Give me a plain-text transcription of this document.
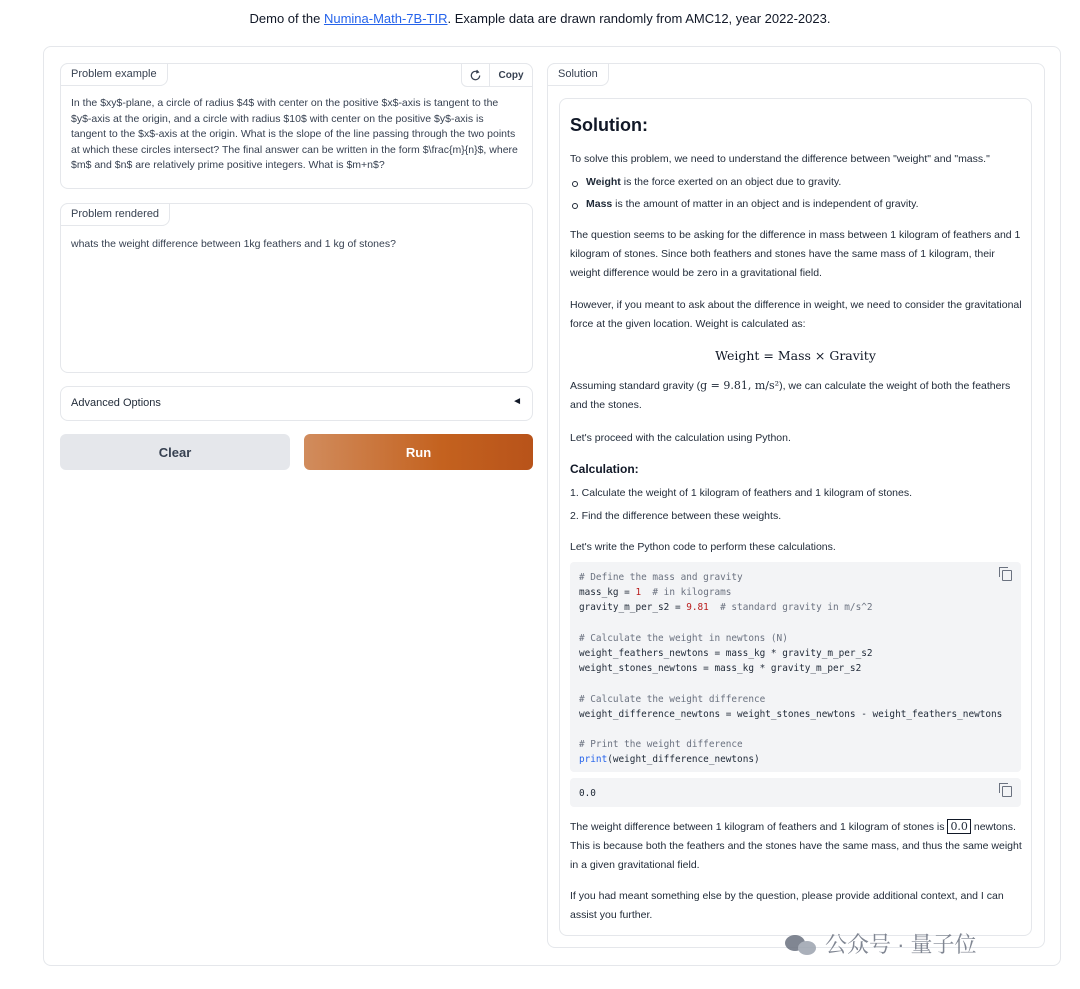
Demo of the Numina-Math-7B-TIR. Example data are drawn randomly from AMC12, year 2022-2023.
Problem example	Copy
In the $xy$-plane, a circle of radius $4$ with center on the positive $x$-axis is tangent to the $y$-axis at the origin, and a circle with radius $10$ with center on the positive $y$-axis is tangent to the $x$-axis at the origin. What is the slope of the line passing through the two points at which these circles intersect? The final answer can be written in the form $\frac{m}{n}$, where $m$ and $n$ are relatively prime positive integers. What is $m+n$?
Problem rendered
whats the weight difference between 1kg feathers and 1 kg of stones?
Advanced Options	◄
Clear	Run
Solution
Solution:
To solve this problem, we need to understand the difference between "weight" and "mass."
Weight is the force exerted on an object due to gravity.
Mass is the amount of matter in an object and is independent of gravity.
The question seems to be asking for the difference in mass between 1 kilogram of feathers and 1 kilogram of stones. Since both feathers and stones have the same mass of 1 kilogram, their weight difference would be zero in a gravitational field.
However, if you meant to ask about the difference in weight, we need to consider the gravitational force at the given location. Weight is calculated as:
Weight = Mass × Gravity
Assuming standard gravity (g = 9.81, m/s²), we can calculate the weight of both the feathers and the stones.
Let's proceed with the calculation using Python.
Calculation:
1. Calculate the weight of 1 kilogram of feathers and 1 kilogram of stones.
2. Find the difference between these weights.
Let's write the Python code to perform these calculations.
# Define the mass and gravity
mass_kg = 1  # in kilograms
gravity_m_per_s2 = 9.81  # standard gravity in m/s^2

# Calculate the weight in newtons (N)
weight_feathers_newtons = mass_kg * gravity_m_per_s2
weight_stones_newtons = mass_kg * gravity_m_per_s2

# Calculate the weight difference
weight_difference_newtons = weight_stones_newtons - weight_feathers_newtons

# Print the weight difference
print(weight_difference_newtons)
0.0
The weight difference between 1 kilogram of feathers and 1 kilogram of stones is 0.0 newtons. This is because both the feathers and the stones have the same mass, and thus the same weight in a given gravitational field.
If you had meant something else by the question, please provide additional context, and I can assist you further.
公众号 · 量子位
